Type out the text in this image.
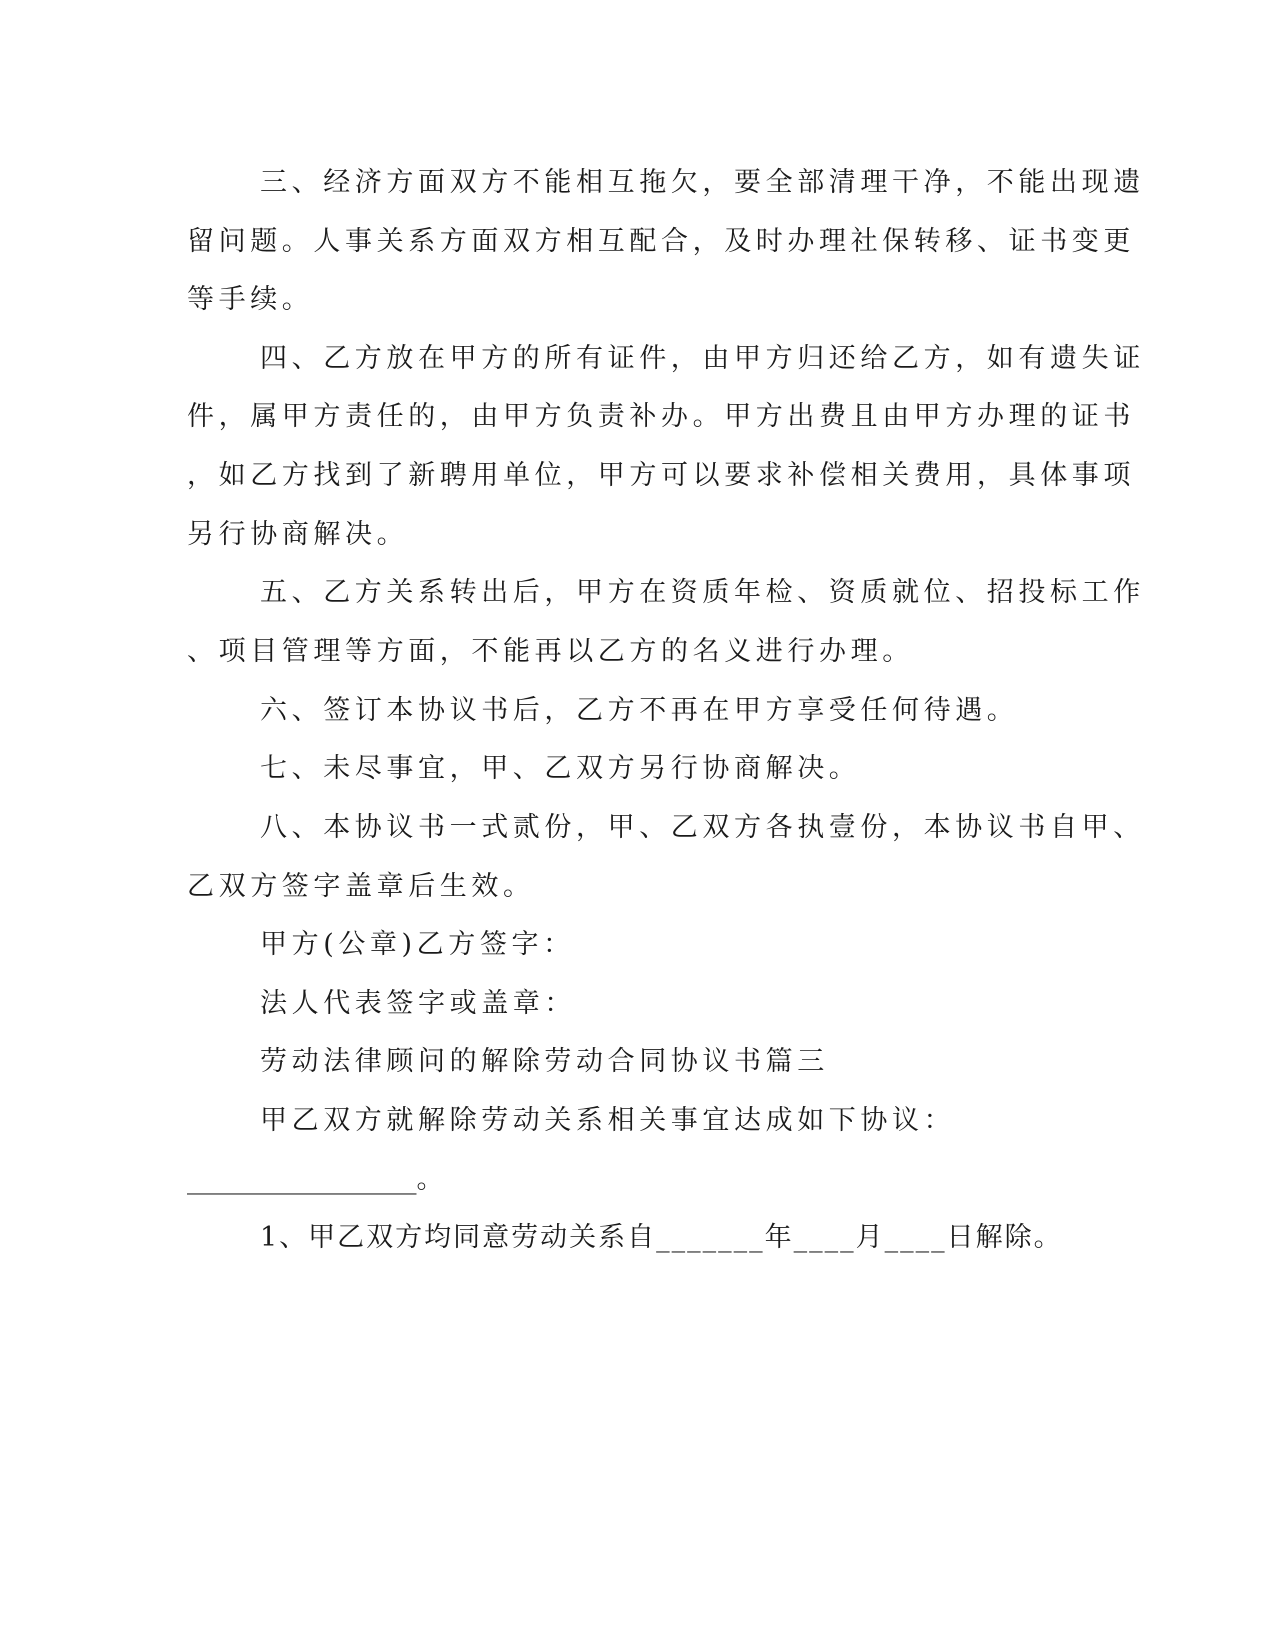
三、经济方面双方不能相互拖欠，要全部清理干净，不能出现遗
留问题。人事关系方面双方相互配合，及时办理社保转移、证书变更
等手续。
四、乙方放在甲方的所有证件，由甲方归还给乙方，如有遗失证
件，属甲方责任的，由甲方负责补办。甲方出费且由甲方办理的证书
，如乙方找到了新聘用单位，甲方可以要求补偿相关费用，具体事项
另行协商解决。
五、乙方关系转出后，甲方在资质年检、资质就位、招投标工作
、项目管理等方面，不能再以乙方的名义进行办理。
六、签订本协议书后，乙方不再在甲方享受任何待遇。
七、未尽事宜，甲、乙双方另行协商解决。
八、本协议书一式贰份，甲、乙双方各执壹份，本协议书自甲、
乙双方签字盖章后生效。
甲方(公章)乙方签字：
法人代表签字或盖章：
劳动法律顾问的解除劳动合同协议书篇三
甲乙双方就解除劳动关系相关事宜达成如下协议：
_________________。
1、甲乙双方均同意劳动关系自_______年____月____日解除。
